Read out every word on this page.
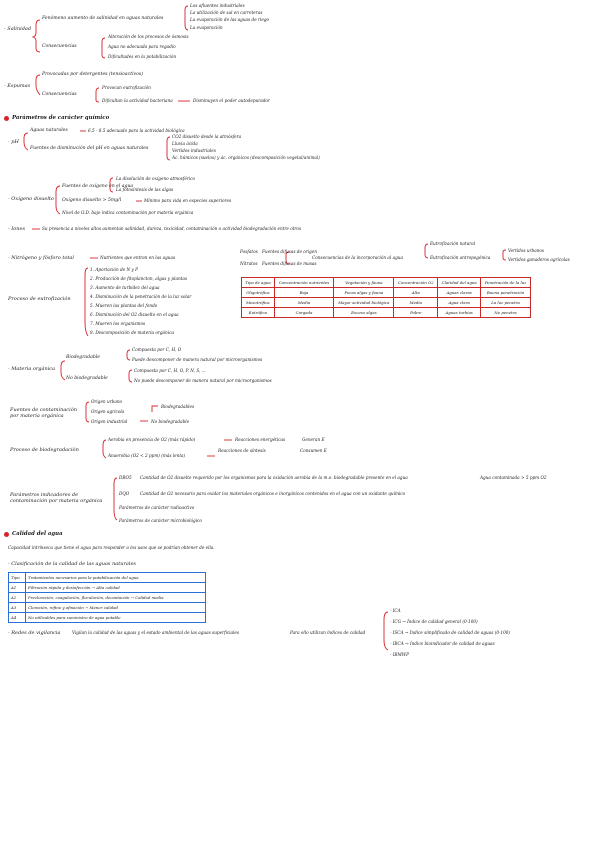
- Salinidad
Fenómeno aumento de salinidad en aguas naturales
Los afluentes industriales
La utilización de sal en carreteras
La evaporación de las aguas de riego
La evaporación
Consecuencias
Alteración de los procesos de ósmosis
Agua no adecuada para regadío
Dificultades en la potabilización
- Espumas
Provocadas por detergentes (tensioactivos)
Consecuencias
Provocan eutrofización
Dificultan la actividad bacteriana	Disminuyen el poder autodepurador
Parámetros de carácter químico
- pH
Aguas naturales	6.5 - 8.5 adecuado para la actividad biológica
Fuentes de disminución del pH en aguas naturales
CO2 disuelto desde la atmósfera
Lluvia ácida
Vertidos industriales
Ác. húmicos (suelos) y ác. orgánicos (descomposición vegetal/animal)
- Oxígeno disuelto
Fuentes de oxígeno en el agua
La disolución de oxígeno atmosférico
La fotosíntesis de las algas
Oxígeno disuelto > 5mg/l	Mínimo para vida en especies superiores
Nivel de O.D. bajo indica contaminación por materia orgánica
- Iones	Su presencia a niveles altos aumentan salinidad, dureza, toxicidad, contaminación o actividad biodegradación entre otros
- Nitrógeno y fósforo total	Nutrientes que entran en las aguas
Fosfatos Fuentes difusas de origen
Nitratos Fuentes difusas de masas
Consecuencias de la incorporación al agua
Eutrofización natural
Eutrofización antropogénica
Vertidos urbanos
Vertidos ganaderos agrícolas
Proceso de eutrofización
1. Aportación de N y P
2. Producción de fitoplancton, algas y plantas
3. Aumento de turbidez del agua
4. Disminución de la penetración de la luz solar
5. Mueren las plantas del fondo
6. Disminución del O2 disuelto en el agua
7. Mueren los organismos
8. Descomposición de materia orgánica
Tipo de agua	Concentración nutrientes	Vegetación y fauna	Concentración O2	Claridad del agua	Penetración de la luz
Oligotrófica	Baja	Pocas algas y fauna	Alta	Aguas claras	Buena penetración
Mesotrófica	Media	Mayor actividad biológica	Media	Agua clara	La luz penetra
Eutrófica	Cargada	Exceso algas	Pobre	Aguas turbias	No penetra
- Materia orgánica
Biodegradable
Compuesta por C, H, O
Puede descomponer de manera natural por microorganismos
No biodegradable
Compuesta por C, H, O, P, N, S, ...
No puede descomponer de manera natural por microorganismos
Fuentes de contaminación por materia orgánica
Origen urbano
Origen agrícola
Origen industrial
Biodegradables
No biodegradable
Proceso de biodegradación
Aerobia en presencia de O2 (más rápido)	Reacciones energéticas	Generan E
Anaerobia (O2 < 2 ppm) (más lenta)
Reacciones de síntesis	Consumen E
Parámetros indicadores de contaminación por materia orgánica
DBO5 Cantidad de O2 disuelto requerido por los organismos para la oxidación aerobia de la m.o. biodegradable presente en el agua	Agua contaminada > 5 ppm O2
DQO	Cantidad de O2 necesario para oxidar los materiales orgánicos e inorgánicos contenidos en el agua con un oxidante químico
Parámetros de carácter radioactivo
Parámetros de carácter microbiológico
Calidad del agua
Capacidad intrínseca que tiene el agua para responder a los usos que se podrían obtener de ella.
- Clasificación de la calidad de las aguas naturales
Tipo	Tratamientos necesarios para la potabilización del agua
A1	Filtración rápida y desinfección → Alta calidad
A2	Precloración, coagulación, floculación, decantación → Calidad media
A3	Cloración, refino y afinación → Menor calidad
A4	No utilizables para suministro de agua potable
- Redes de vigilancia	Vigilan la calidad de las aguas y el estado ambiental de las aguas superficiales	Para ello utilizan índices de calidad
- ICA
- ICG → Índice de calidad general (0-100)
- ISCA → Índice simplificado de calidad de aguas (0-100)
- IBCA → Índice bioindicador de calidad de aguas
- IBMWP
